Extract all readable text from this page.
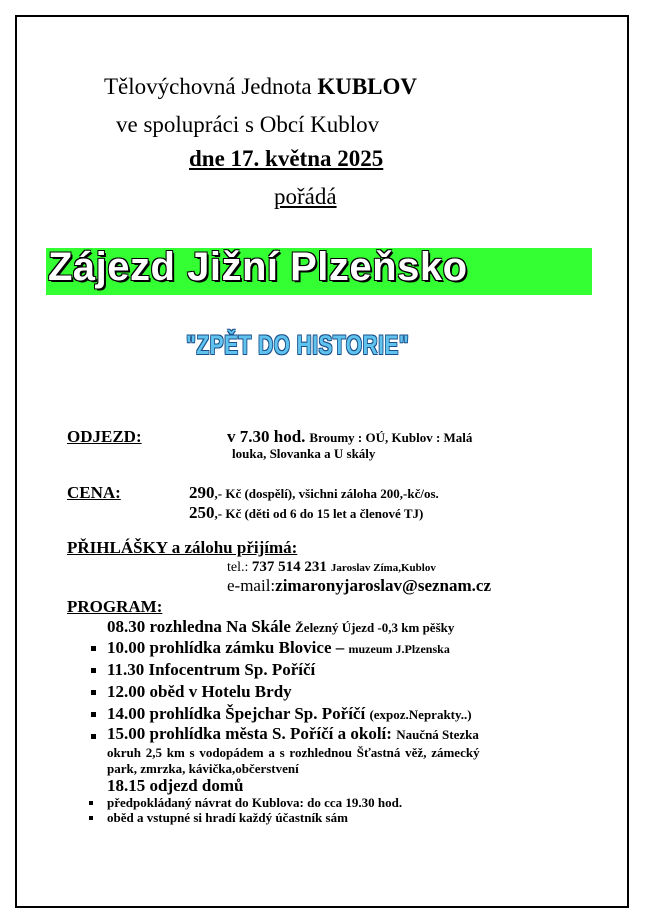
Tělovýchovná Jednota KUBLOV
ve spolupráci s Obcí Kublov
dne 17. května 2025
pořádá
Zájezd Jižní Plzeňsko
"ZPĚT DO HISTORIE"
ODJEZD:	v 7.30 hod. Broumy : OÚ, Kublov : Malá
louka, Slovanka a U skály
CENA:	290,- Kč (dospělí), všichni záloha 200,-kč/os.
250,- Kč (děti od 6 do 15 let a členové TJ)
PŘIHLÁŠKY a zálohu přijímá:
tel.: 737 514 231 Jaroslav Zíma,Kublov
e-mail:zimaronyjaroslav@seznam.cz
PROGRAM:
08.30 rozhledna Na Skále Železný Újezd -0,3 km pěšky
10.00 prohlídka zámku Blovice – muzeum J.Plzenska
11.30 Infocentrum Sp. Poříčí
12.00 oběd v Hotelu Brdy
14.00 prohlídka Špejchar Sp. Poříčí (expoz.Neprakty..)
15.00 prohlídka města S. Poříčí a okolí: Naučná Stezka
okruh 2,5 km s vodopádem a s rozhlednou Šťastná věž, zámecký
park, zmrzka, kávička,občerstvení
18.15 odjezd domů
předpokládaný návrat do Kublova: do cca 19.30 hod.
oběd a vstupné si hradí každý účastník sám
